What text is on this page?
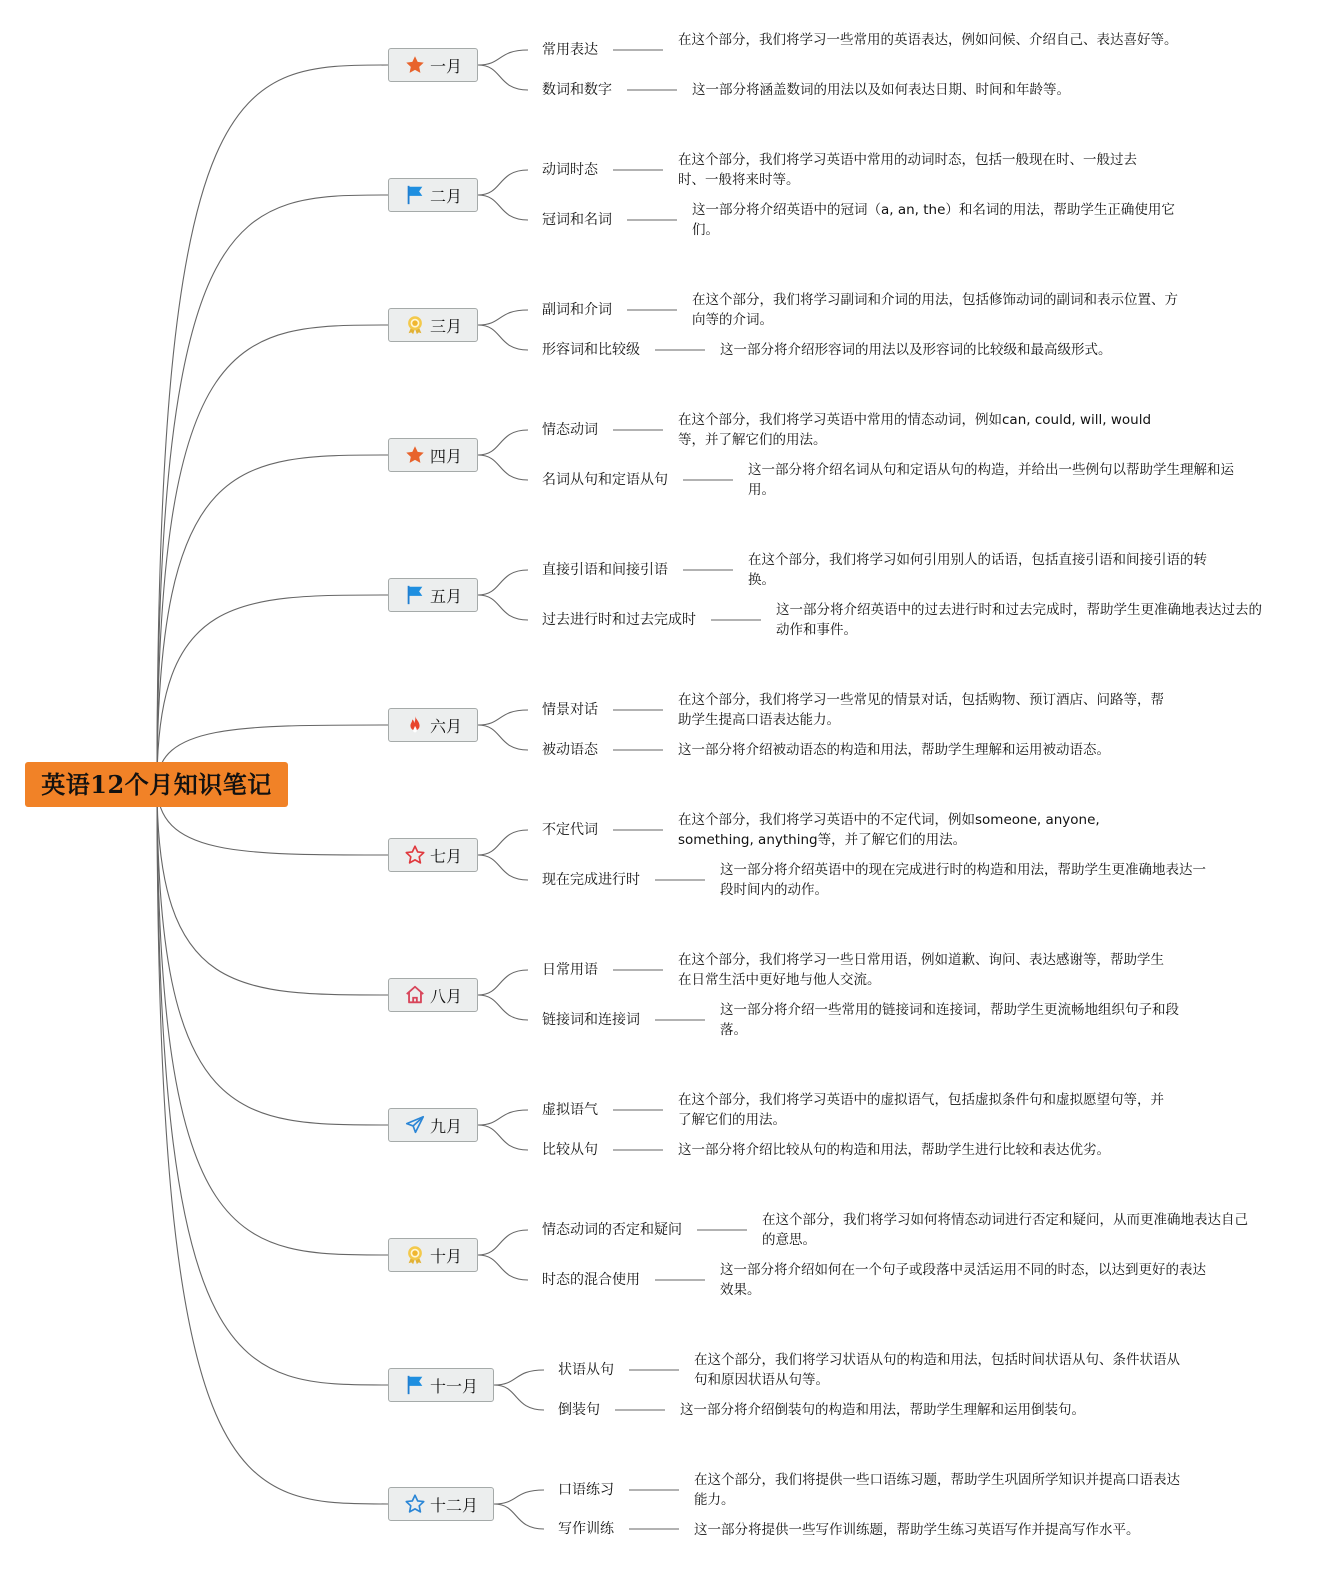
英语12个月知识笔记
一月
常用表达
在这个部分，我们将学习一些常用的英语表达，例如问候、介绍自己、表达喜好等。
数词和数字	这一部分将涵盖数词的用法以及如何表达日期、时间和年龄等。
二月
动词时态
在这个部分，我们将学习英语中常用的动词时态，包括一般现在时、一般过去时、一般将来时等。
冠词和名词
这一部分将介绍英语中的冠词（a, an, the）和名词的用法，帮助学生正确使用它们。
三月
副词和介词
在这个部分，我们将学习副词和介词的用法，包括修饰动词的副词和表示位置、方向等的介词。
形容词和比较级	这一部分将介绍形容词的用法以及形容词的比较级和最高级形式。
四月
情态动词
在这个部分，我们将学习英语中常用的情态动词，例如can, could, will, would等，并了解它们的用法。
名词从句和定语从句
这一部分将介绍名词从句和定语从句的构造，并给出一些例句以帮助学生理解和运用。
五月
直接引语和间接引语
在这个部分，我们将学习如何引用别人的话语，包括直接引语和间接引语的转换。
过去进行时和过去完成时
这一部分将介绍英语中的过去进行时和过去完成时，帮助学生更准确地表达过去的动作和事件。
六月
情景对话
在这个部分，我们将学习一些常见的情景对话，包括购物、预订酒店、问路等，帮助学生提高口语表达能力。
被动语态	这一部分将介绍被动语态的构造和用法，帮助学生理解和运用被动语态。
七月
不定代词
在这个部分，我们将学习英语中的不定代词，例如someone, anyone, something, anything等，并了解它们的用法。
现在完成进行时
这一部分将介绍英语中的现在完成进行时的构造和用法，帮助学生更准确地表达一段时间内的动作。
八月
日常用语
在这个部分，我们将学习一些日常用语，例如道歉、询问、表达感谢等，帮助学生在日常生活中更好地与他人交流。
链接词和连接词
这一部分将介绍一些常用的链接词和连接词，帮助学生更流畅地组织句子和段落。
九月
虚拟语气
在这个部分，我们将学习英语中的虚拟语气，包括虚拟条件句和虚拟愿望句等，并了解它们的用法。
比较从句	这一部分将介绍比较从句的构造和用法，帮助学生进行比较和表达优劣。
十月
情态动词的否定和疑问
在这个部分，我们将学习如何将情态动词进行否定和疑问，从而更准确地表达自己的意思。
时态的混合使用
这一部分将介绍如何在一个句子或段落中灵活运用不同的时态，以达到更好的表达效果。
十一月
状语从句
在这个部分，我们将学习状语从句的构造和用法，包括时间状语从句、条件状语从句和原因状语从句等。
倒装句	这一部分将介绍倒装句的构造和用法，帮助学生理解和运用倒装句。
十二月
口语练习
在这个部分，我们将提供一些口语练习题，帮助学生巩固所学知识并提高口语表达能力。
写作训练	这一部分将提供一些写作训练题，帮助学生练习英语写作并提高写作水平。
